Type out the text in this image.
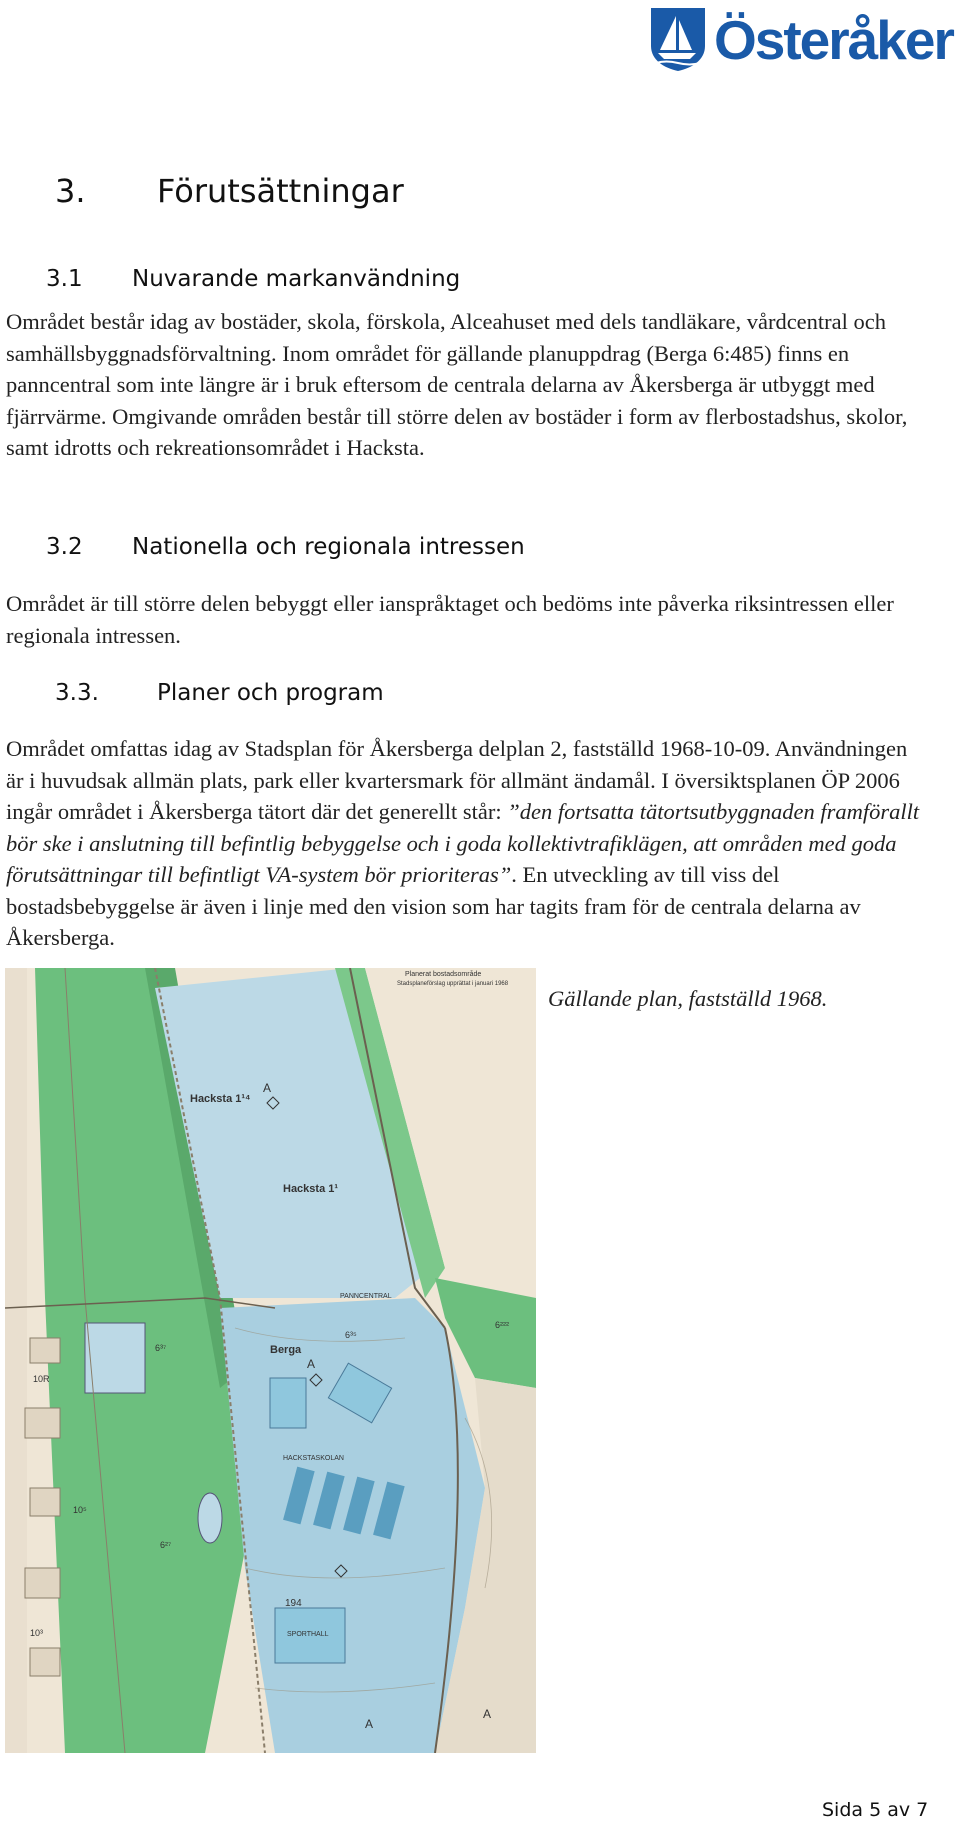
Österåker
3. Förutsättningar
3.1 Nuvarande markanvändning

Området består idag av bostäder, skola, förskola, Alceahuset med dels tandläkare, vårdcentral och samhällsbyggnadsförvaltning. Inom området för gällande planuppdrag (Berga 6:485) finns en panncentral som inte längre är i bruk eftersom de centrala delarna av Åkersberga är utbyggt med fjärrvärme. Omgivande områden består till större delen av bostäder i form av flerbostadshus, skolor, samt idrotts och rekreationsområdet i Hacksta.

3.2 Nationella och regionala intressen

Området är till större delen bebyggt eller ianspråktaget och bedöms inte påverka riksintressen eller regionala intressen.

3.3.	Planer och program

Området omfattas idag av Stadsplan för Åkersberga delplan 2, fastställd 1968-10-09. Användningen är i huvudsak allmän plats, park eller kvartersmark för allmänt ändamål. I översiktsplanen ÖP 2006 ingår området i Åkersberga tätort där det generellt står: ”den fortsatta tätortsutbyggnaden framförallt bör ske i anslutning till befintlig bebyggelse och i goda kollektivtrafiklägen, att områden med goda förutsättningar till befintligt VA-system bör prioriteras”. En utveckling av till viss del bostadsbebyggelse är även i linje med den vision som har tagits fram för de centrala delarna av Åkersberga.

Hacksta 1¹⁴
Hacksta 1¹
Berga
A
A
A
A
PANNCENTRAL
HACKSTASKOLAN
SPORTHALL
6³⁷
6³⁵
6²²²
6²⁷
194
10⁵
10³
10R
Planerat bostadsområde
Stadsplaneförslag upprättat i januari 1968
Gällande plan, fastställd 1968.
Sida 5 av 7
